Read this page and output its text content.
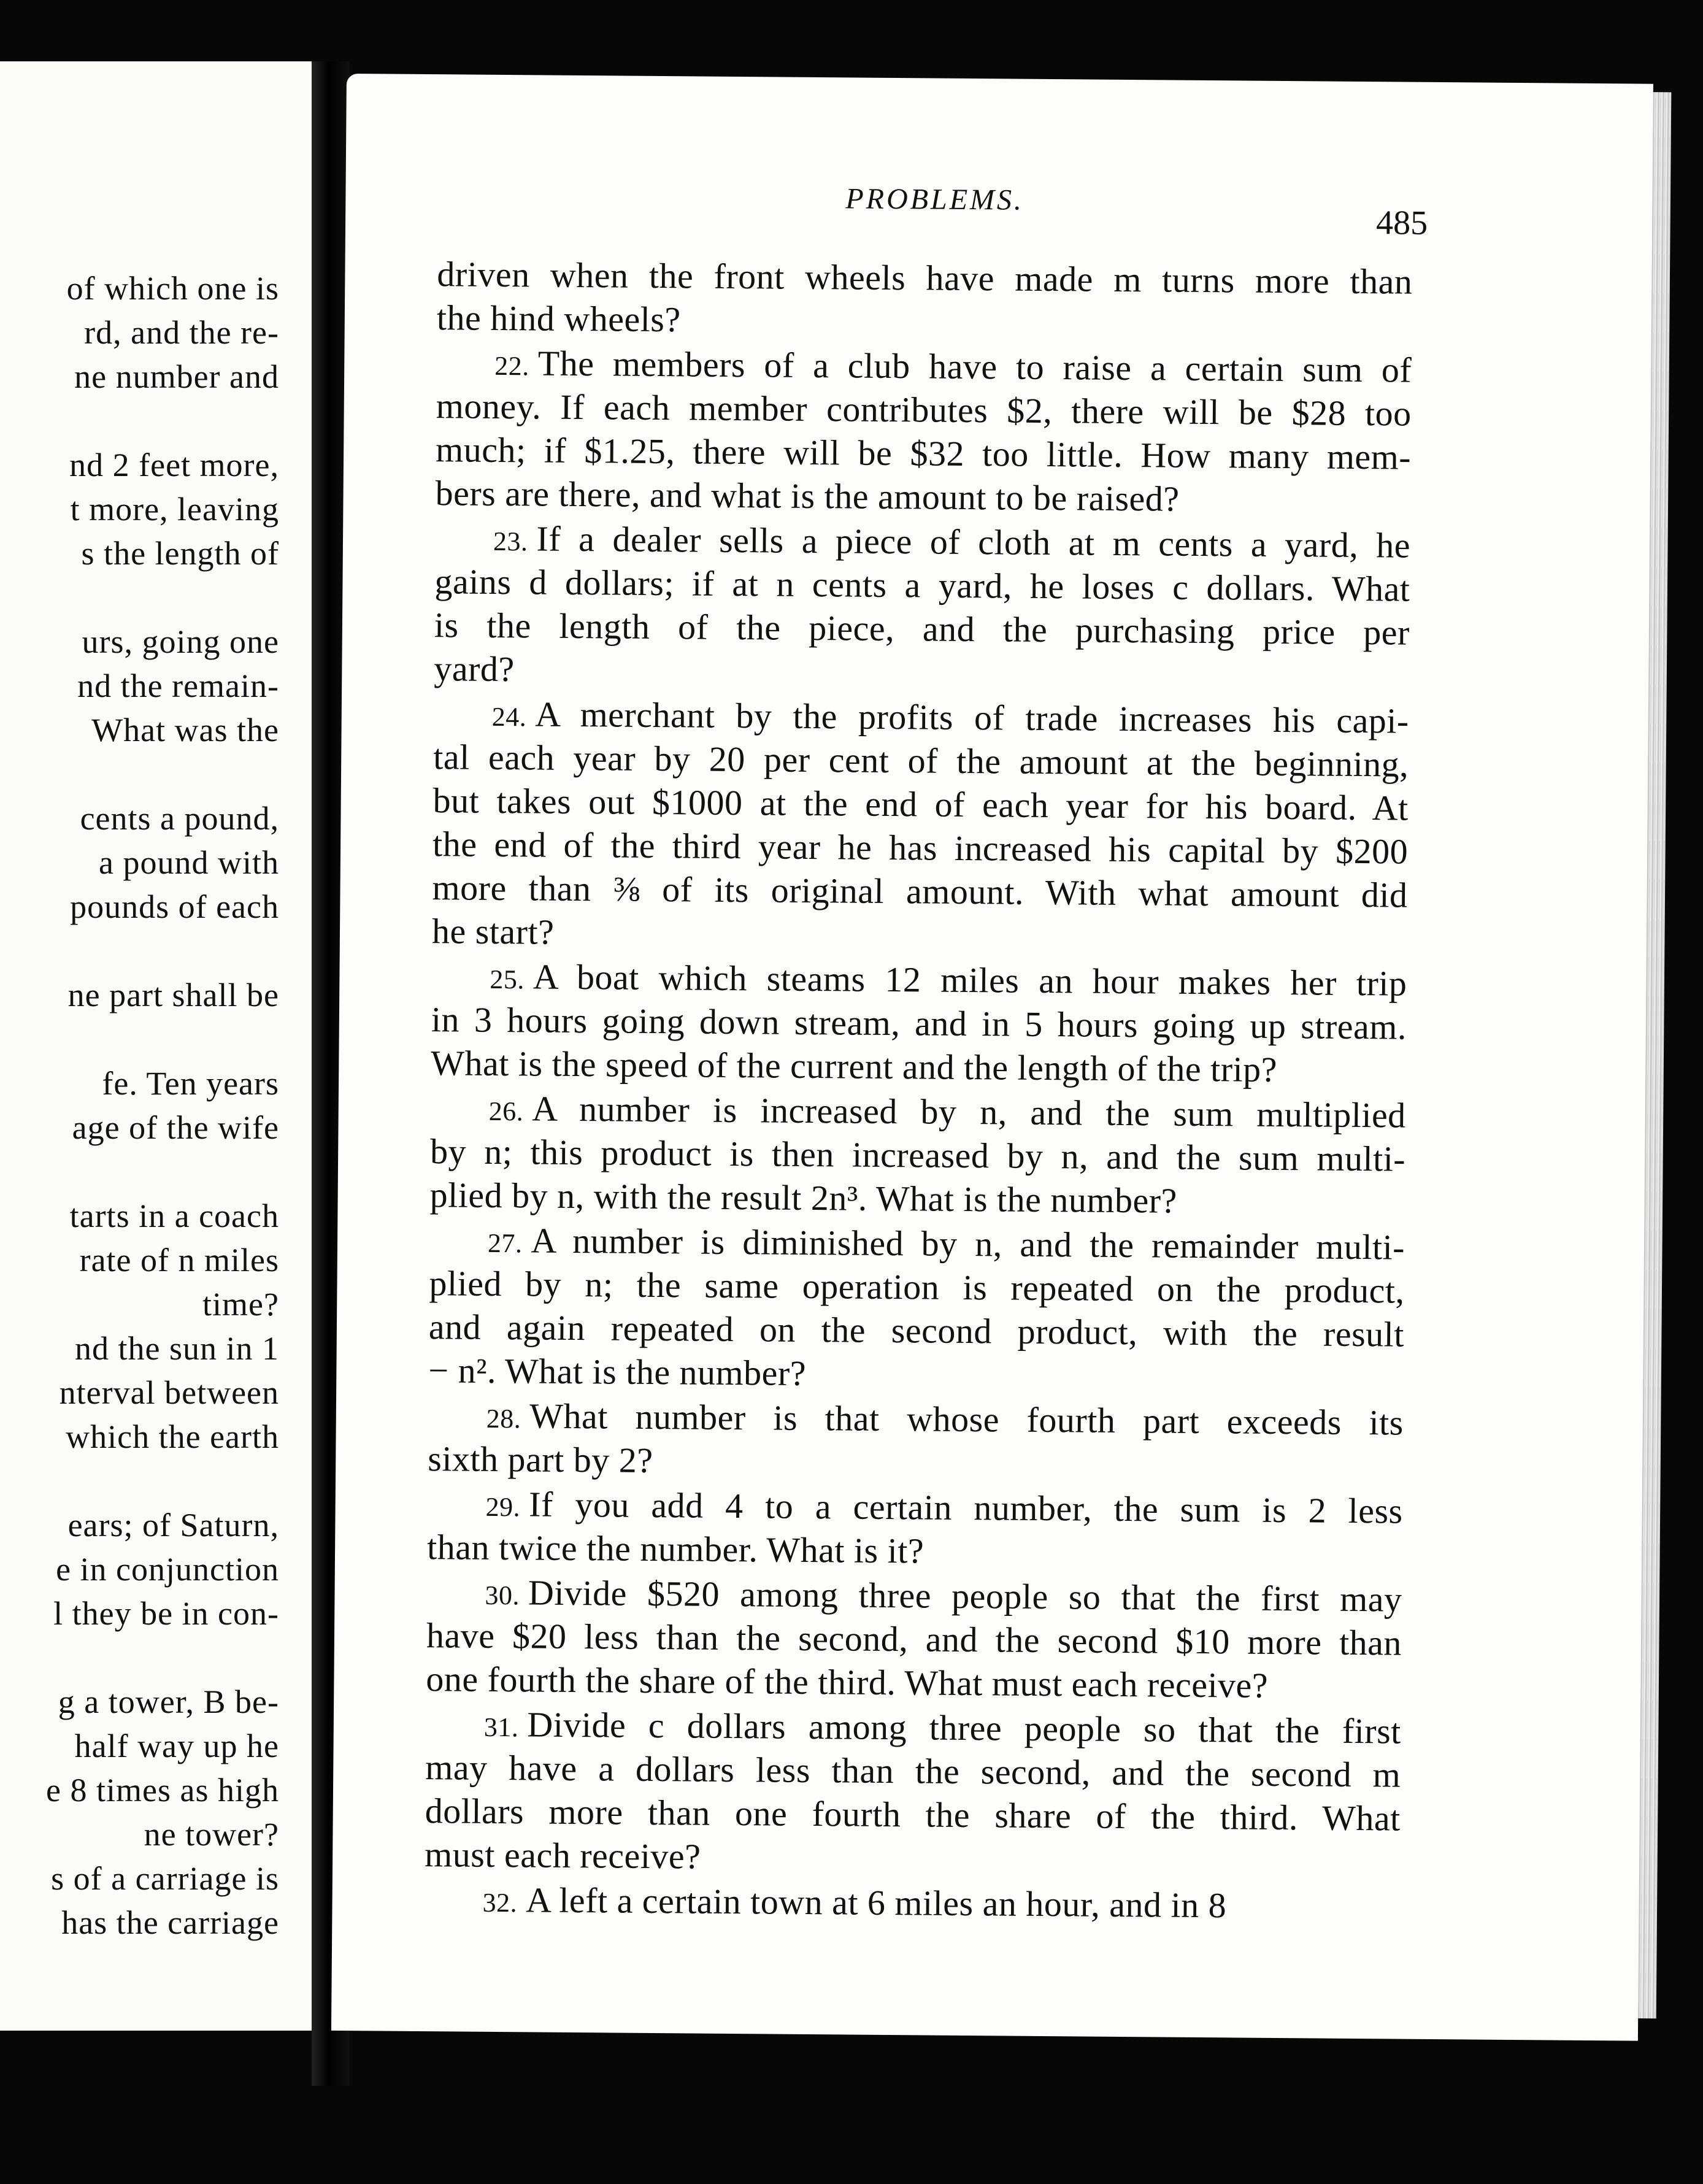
of which one is
rd, and the re-
ne number and
nd 2 feet more,
t more, leaving
s the length of
urs, going one
nd the remain-
What was the
cents a pound,
a pound with
pounds of each
ne part shall be
fe. Ten years
age of the wife
tarts in a coach
rate of n miles
time?
nd the sun in 1
nterval between
which the earth
ears; of Saturn,
e in conjunction
l they be in con-
g a tower, B be-
half way up he
e 8 times as high
ne tower?
s of a carriage is
has the carriage
PROBLEMS.
485
driven when the front wheels have made m turns more than
the hind wheels?
22. The members of a club have to raise a certain sum of
money. If each member contributes $2, there will be $28 too
much; if $1.25, there will be $32 too little. How many mem-
bers are there, and what is the amount to be raised?
23. If a dealer sells a piece of cloth at m cents a yard, he
gains d dollars; if at n cents a yard, he loses c dollars. What
is the length of the piece, and the purchasing price per
yard?
24. A merchant by the profits of trade increases his capi-
tal each year by 20 per cent of the amount at the beginning,
but takes out $1000 at the end of each year for his board. At
the end of the third year he has increased his capital by $200
more than ⅜ of its original amount. With what amount did
he start?
25. A boat which steams 12 miles an hour makes her trip
in 3 hours going down stream, and in 5 hours going up stream.
What is the speed of the current and the length of the trip?
26. A number is increased by n, and the sum multiplied
by n; this product is then increased by n, and the sum multi-
plied by n, with the result 2n³. What is the number?
27. A number is diminished by n, and the remainder multi-
plied by n; the same operation is repeated on the product,
and again repeated on the second product, with the result
− n². What is the number?
28. What number is that whose fourth part exceeds its
sixth part by 2?
29. If you add 4 to a certain number, the sum is 2 less
than twice the number. What is it?
30. Divide $520 among three people so that the first may
have $20 less than the second, and the second $10 more than
one fourth the share of the third. What must each receive?
31. Divide c dollars among three people so that the first
may have a dollars less than the second, and the second m
dollars more than one fourth the share of the third. What
must each receive?
32. A left a certain town at 6 miles an hour, and in 8
